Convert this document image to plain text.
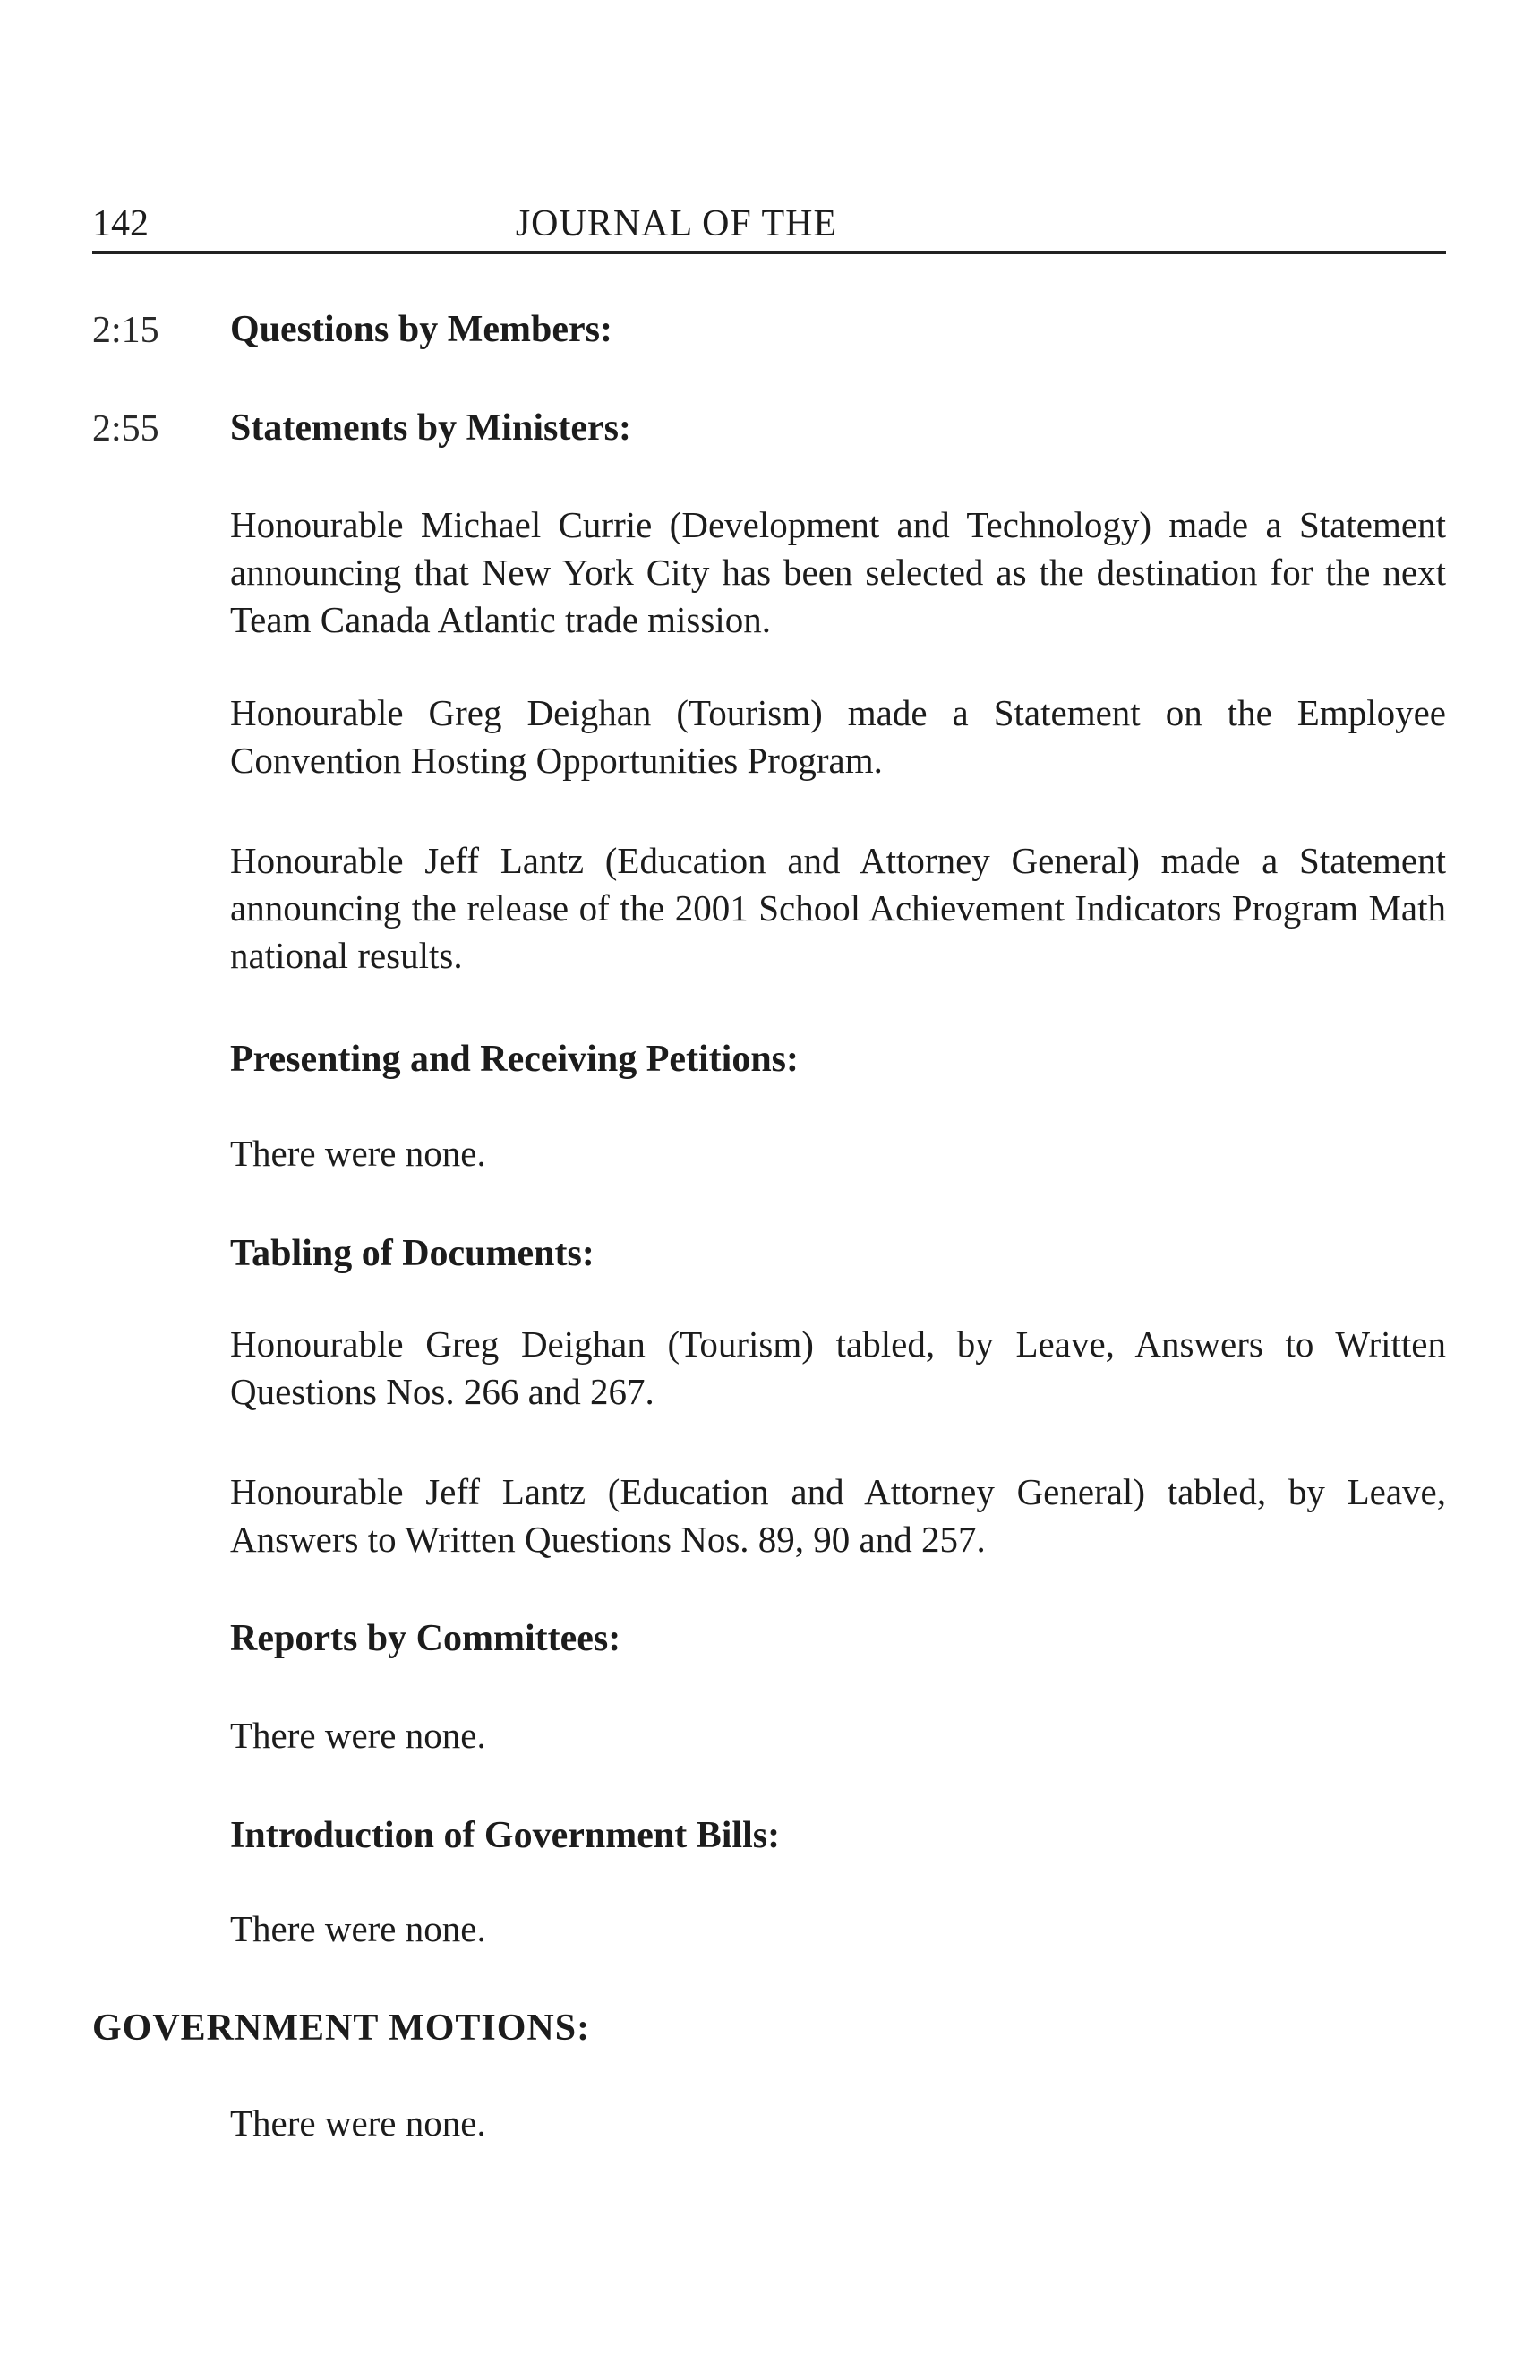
142	JOURNAL OF THE
2:15 Questions by Members:
2:55 Statements by Ministers:

Honourable Michael Currie (Development and Technology) made a Statement announcing that New York City has been selected as the destination for the next Team Canada Atlantic trade mission.

Honourable Greg Deighan (Tourism) made a Statement on the Employee Convention Hosting Opportunities Program.

Honourable Jeff Lantz (Education and Attorney General) made a Statement announcing the release of the 2001 School Achievement Indicators Program Math national results.

Presenting and Receiving Petitions:

There were none.

Tabling of Documents:

Honourable Greg Deighan (Tourism) tabled, by Leave, Answers to Written Questions Nos. 266 and 267.

Honourable Jeff Lantz (Education and Attorney General) tabled, by Leave, Answers to Written Questions Nos. 89, 90 and 257.

Reports by Committees:

There were none.

Introduction of Government Bills:

There were none.

GOVERNMENT MOTIONS:

There were none.
